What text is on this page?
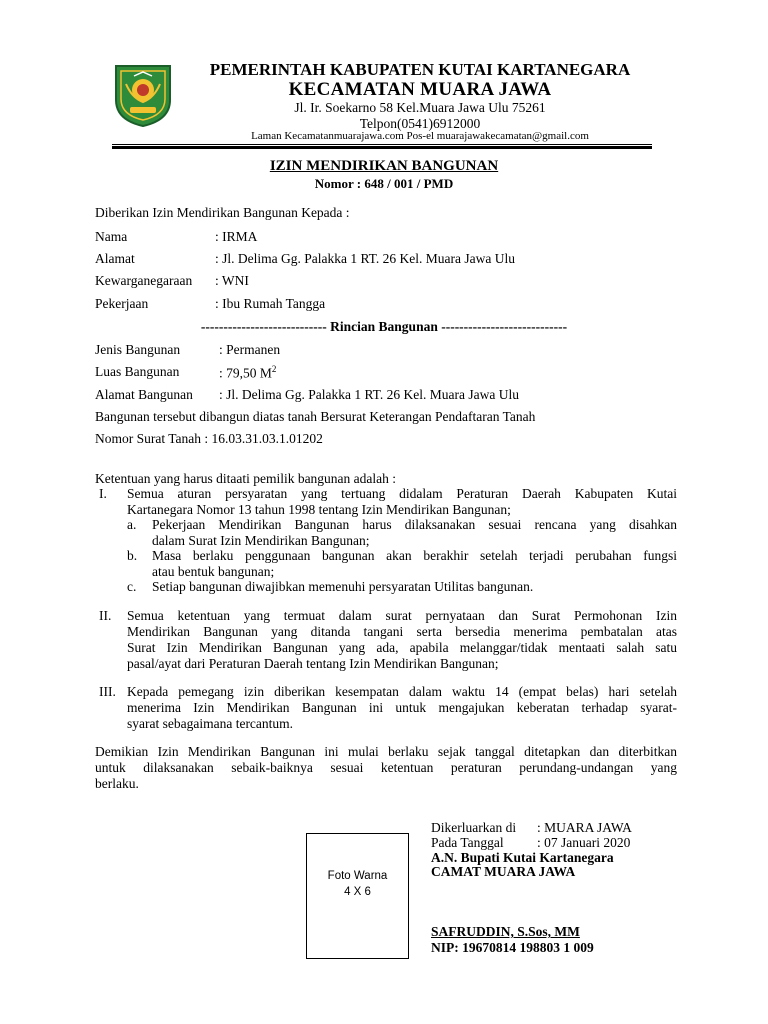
PEMERINTAH KABUPATEN KUTAI KARTANEGARA
KECAMATAN MUARA JAWA
Jl. Ir. Soekarno 58 Kel.Muara Jawa Ulu 75261
Telpon(0541)6912000
Laman Kecamatanmuarajawa.com Pos-el muarajawakecamatan@gmail.com
IZIN MENDIRIKAN BANGUNAN
Nomor : 648 / 001 / PMD
Diberikan Izin Mendirikan Bangunan Kepada :
Nama	: IRMA
Alamat	: Jl. Delima Gg. Palakka 1 RT. 26 Kel. Muara Jawa Ulu
Kewarganegaraan : WNI
Pekerjaan	: Ibu Rumah Tangga
---------------------------- Rincian Bangunan ----------------------------
Jenis Bangunan	: Permanen
Luas Bangunan	: 79,50 $M^2$
Alamat Bangunan : Jl. Delima Gg. Palakka 1 RT. 26 Kel. Muara Jawa Ulu
Bangunan tersebut dibangun diatas tanah Bersurat Keterangan Pendaftaran Tanah
Nomor Surat Tanah : 16.03.31.03.1.01202
Ketentuan yang harus ditaati pemilik bangunan adalah :
I. Semua aturan persyaratan yang tertuang didalam Peraturan Daerah Kabupaten Kutai
Kartanegara Nomor 13 tahun 1998 tentang Izin Mendirikan Bangunan;
a. Pekerjaan Mendirikan Bangunan harus dilaksanakan sesuai rencana yang disahkan
dalam Surat Izin Mendirikan Bangunan;
b. Masa berlaku penggunaan bangunan akan berakhir setelah terjadi perubahan fungsi
atau bentuk bangunan;
c. Setiap bangunan diwajibkan memenuhi persyaratan Utilitas bangunan.
II. Semua ketentuan yang termuat dalam surat pernyataan dan Surat Permohonan Izin
Mendirikan Bangunan yang ditanda tangani serta bersedia menerima pembatalan atas
Surat Izin Mendirikan Bangunan yang ada, apabila melanggar/tidak mentaati salah satu
pasal/ayat dari Peraturan Daerah tentang Izin Mendirikan Bangunan;
III. Kepada pemegang izin diberikan kesempatan dalam waktu 14 (empat belas) hari setelah
menerima Izin Mendirikan Bangunan ini untuk mengajukan keberatan terhadap syarat-
syarat sebagaimana tercantum.
Demikian Izin Mendirikan Bangunan ini mulai berlaku sejak tanggal ditetapkan dan diterbitkan
untuk dilaksanakan sebaik-baiknya sesuai ketentuan peraturan perundang-undangan yang
berlaku.
Foto Warna
4 X 6
Dikerluarkan di : MUARA JAWA
Pada Tanggal : 07 Januari 2020
A.N. Bupati Kutai Kartanegara
CAMAT MUARA JAWA
SAFRUDDIN, S.Sos, MM
NIP: 19670814 198803 1 009
